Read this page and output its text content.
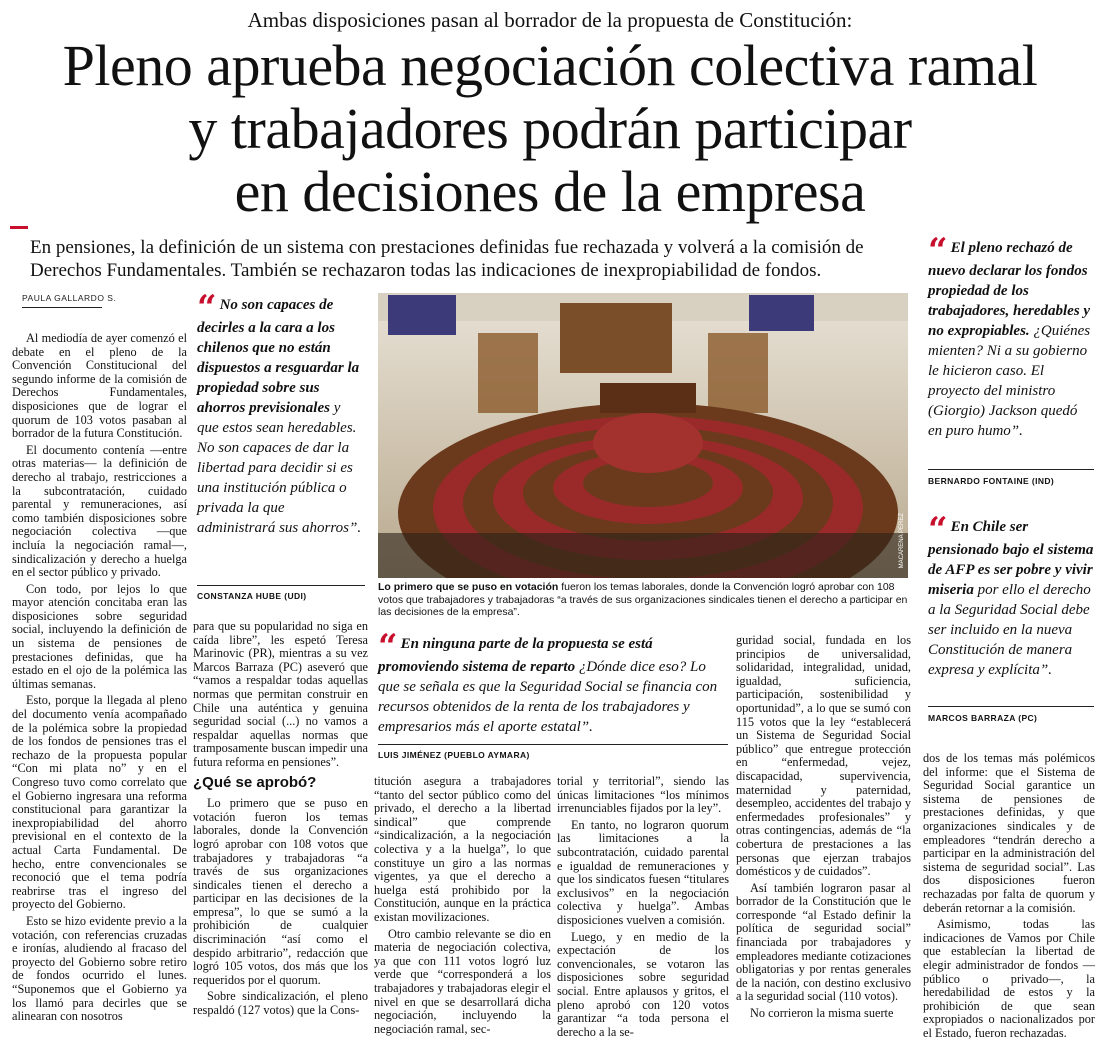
Ambas disposiciones pasan al borrador de la propuesta de Constitución:
Pleno aprueba negociación colectiva ramal
y trabajadores podrán participar
en decisiones de la empresa
En pensiones, la definición de un sistema con prestaciones definidas fue rechazada y volverá a la comisión de Derechos Fundamentales. También se rechazaron todas las indicaciones de inexpropiabilidad de fondos.
PAULA GALLARDO S.

Al mediodía de ayer comenzó el debate en el pleno de la Convención Constitucional del segundo informe de la comisión de Derechos Fundamentales, disposiciones que de lograr el quorum de 103 votos pasaban al borrador de la futura Constitución.

El documento contenía —entre otras materias— la definición de derecho al trabajo, restricciones a la subcontratación, cuidado parental y remuneraciones, así como también disposiciones sobre negociación colectiva —que incluía la negociación ramal—, sindicalización y derecho a huelga en el sector público y privado.

Con todo, por lejos lo que mayor atención concitaba eran las disposiciones sobre seguridad social, incluyendo la definición de un sistema de pensiones de prestaciones definidas, que ha estado en el ojo de la polémica las últimas semanas.

Esto, porque la llegada al pleno del documento venía acompañado de la polémica sobre la propiedad de los fondos de pensiones tras el rechazo de la propuesta popular “Con mi plata no” y en el Congreso tuvo como correlato que el Gobierno ingresara una reforma constitucional para garantizar la inexpropiabilidad del ahorro previsional en el contexto de la actual Carta Fundamental. De hecho, entre convencionales se reconoció que el tema podría reabrirse tras el ingreso del proyecto del Gobierno.

Esto se hizo evidente previo a la votación, con referencias cruzadas e ironías, aludiendo al fracaso del proyecto del Gobierno sobre retiro de fondos ocurrido el lunes. “Suponemos que el Gobierno ya los llamó para decirles que se alinearan con nosotros

“ No son capaces de decirles a la cara a los chilenos que no están dispuestos a resguardar la propiedad sobre sus ahorros previsionales y que estos sean heredables. No son capaces de dar la libertad para decidir si es una institución pública o privada la que administrará sus ahorros”.
CONSTANZA HUBE (UDI)

para que su popularidad no siga en caída libre”, les espetó Teresa Marinovic (PR), mientras a su vez Marcos Barraza (PC) aseveró que “vamos a respaldar todas aquellas normas que permitan construir en Chile una auténtica y genuina seguridad social (...) no vamos a respaldar aquellas normas que tramposamente buscan impedir una futura reforma en pensiones”.

¿Qué se aprobó?

Lo primero que se puso en votación fueron los temas laborales, donde la Convención logró aprobar con 108 votos que trabajadores y trabajadoras “a través de sus organizaciones sindicales tienen el derecho a participar en las decisiones de la empresa”, lo que se sumó a la prohibición de cualquier discriminación “así como el despido arbitrario”, redacción que logró 105 votos, dos más que los requeridos por el quorum.

Sobre sindicalización, el pleno respaldó (127 votos) que la Cons-

MACARENA PÉREZ
Lo primero que se puso en votación fueron los temas laborales, donde la Convención logró aprobar con 108 votos que trabajadores y trabajadoras “a través de sus organizaciones sindicales tienen el derecho a participar en las decisiones de la empresa”.
“ En ninguna parte de la propuesta se está promoviendo sistema de reparto ¿Dónde dice eso? Lo que se señala es que la Seguridad Social se financia con recursos obtenidos de la renta de los trabajadores y empresarios más el aporte estatal”.
LUIS JIMÉNEZ (PUEBLO AYMARA)

titución asegura a trabajadores “tanto del sector público como del privado, el derecho a la libertad sindical” que comprende “sindicalización, a la negociación colectiva y a la huelga”, lo que constituye un giro a las normas vigentes, ya que el derecho a huelga está prohibido por la Constitución, aunque en la práctica existan movilizaciones.

Otro cambio relevante se dio en materia de negociación colectiva, ya que con 111 votos logró luz verde que “corresponderá a los trabajadores y trabajadoras elegir el nivel en que se desarrollará dicha negociación, incluyendo la negociación ramal, sec-

torial y territorial”, siendo las únicas limitaciones “los mínimos irrenunciables fijados por la ley”.

En tanto, no lograron quorum las limitaciones a la subcontratación, cuidado parental e igualdad de remuneraciones y que los sindicatos fuesen “titulares exclusivos” en la negociación colectiva y huelga”. Ambas disposiciones vuelven a comisión.

Luego, y en medio de la expectación de los convencionales, se votaron las disposiciones sobre seguridad social. Entre aplausos y gritos, el pleno aprobó con 120 votos garantizar “a toda persona el derecho a la se-

guridad social, fundada en los principios de universalidad, solidaridad, integralidad, unidad, igualdad, suficiencia, participación, sostenibilidad y oportunidad”, a lo que se sumó con 115 votos que la ley “establecerá un Sistema de Seguridad Social público” que entregue protección en “enfermedad, vejez, discapacidad, supervivencia, maternidad y paternidad, desempleo, accidentes del trabajo y enfermedades profesionales” y otras contingencias, además de “la cobertura de prestaciones a las personas que ejerzan trabajos domésticos y de cuidados”.

Así también lograron pasar al borrador de la Constitución que le corresponde “al Estado definir la política de seguridad social” financiada por trabajadores y empleadores mediante cotizaciones obligatorias y por rentas generales de la nación, con destino exclusivo a la seguridad social (110 votos).

No corrieron la misma suerte

“ El pleno rechazó de nuevo declarar los fondos propiedad de los trabajadores, heredables y no expropiables. ¿Quiénes mienten? Ni a su gobierno le hicieron caso. El proyecto del ministro (Giorgio) Jackson quedó en puro humo”.
BERNARDO FONTAINE (IND)
“ En Chile ser pensionado bajo el sistema de AFP es ser pobre y vivir miseria por ello el derecho a la Seguridad Social debe ser incluido en la nueva Constitución de manera expresa y explícita”.
MARCOS BARRAZA (PC)

dos de los temas más polémicos del informe: que el Sistema de Seguridad Social garantice un sistema de pensiones de prestaciones definidas, y que organizaciones sindicales y de empleadores “tendrán derecho a participar en la administración del sistema de seguridad social”. Las dos disposiciones fueron rechazadas por falta de quorum y deberán retornar a la comisión.

Asimismo, todas las indicaciones de Vamos por Chile que establecían la libertad de elegir administrador de fondos —público o privado—, la heredabilidad de estos y la prohibición de que sean expropiados o nacionalizados por el Estado, fueron rechazadas.
